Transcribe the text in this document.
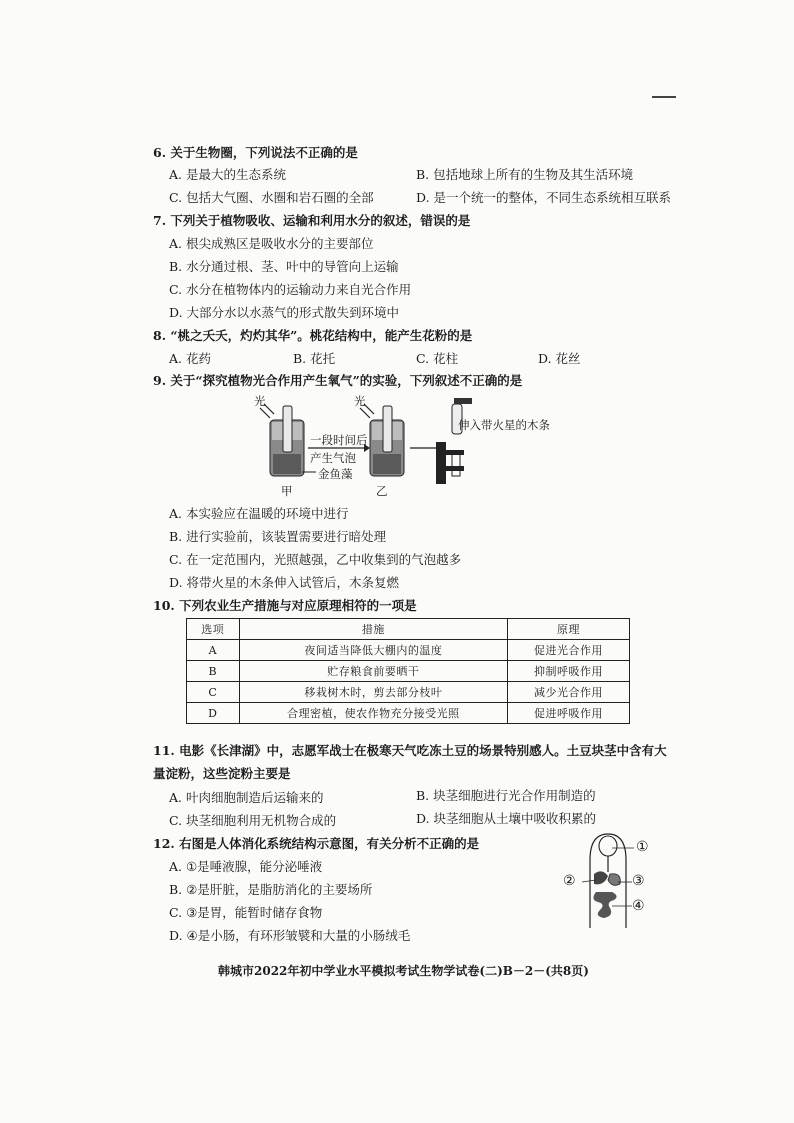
6. 关于生物圈，下列说法不正确的是
A. 是最大的生态系统	B. 包括地球上所有的生物及其生活环境
C. 包括大气圈、水圈和岩石圈的全部	D. 是一个统一的整体，不同生态系统相互联系
7. 下列关于植物吸收、运输和利用水分的叙述，错误的是
A. 根尖成熟区是吸收水分的主要部位
B. 水分通过根、茎、叶中的导管向上运输
C. 水分在植物体内的运输动力来自光合作用
D. 大部分水以水蒸气的形式散失到环境中
8. “桃之夭夭，灼灼其华”。桃花结构中，能产生花粉的是
A. 花药	B. 花托	C. 花柱	D. 花丝
9. 关于“探究植物光合作用产生氧气”的实验，下列叙述不正确的是
光	光
一段时间后
产生气泡
金鱼藻
甲	乙
伸入带火星的木条
A. 本实验应在温暖的环境中进行
B. 进行实验前，该装置需要进行暗处理
C. 在一定范围内，光照越强，乙中收集到的气泡越多
D. 将带火星的木条伸入试管后，木条复燃
10. 下列农业生产措施与对应原理相符的一项是
选项	措施	原理
A	夜间适当降低大棚内的温度	促进光合作用
B	贮存粮食前要晒干	抑制呼吸作用
C	移栽树木时，剪去部分枝叶	减少光合作用
D	合理密植，使农作物充分接受光照	促进呼吸作用
11. 电影《长津湖》中，志愿军战士在极寒天气吃冻土豆的场景特别感人。土豆块茎中含有大
量淀粉，这些淀粉主要是
A. 叶肉细胞制造后运输来的	B. 块茎细胞进行光合作用制造的
C. 块茎细胞利用无机物合成的	D. 块茎细胞从土壤中吸收积累的
12. 右图是人体消化系统结构示意图，有关分析不正确的是
A. ①是唾液腺，能分泌唾液
B. ②是肝脏，是脂肪消化的主要场所
C. ③是胃，能暂时储存食物
D. ④是小肠，有环形皱襞和大量的小肠绒毛
①
②	③
④
韩城市2022年初中学业水平模拟考试生物学试卷(二)B－2－(共8页)
